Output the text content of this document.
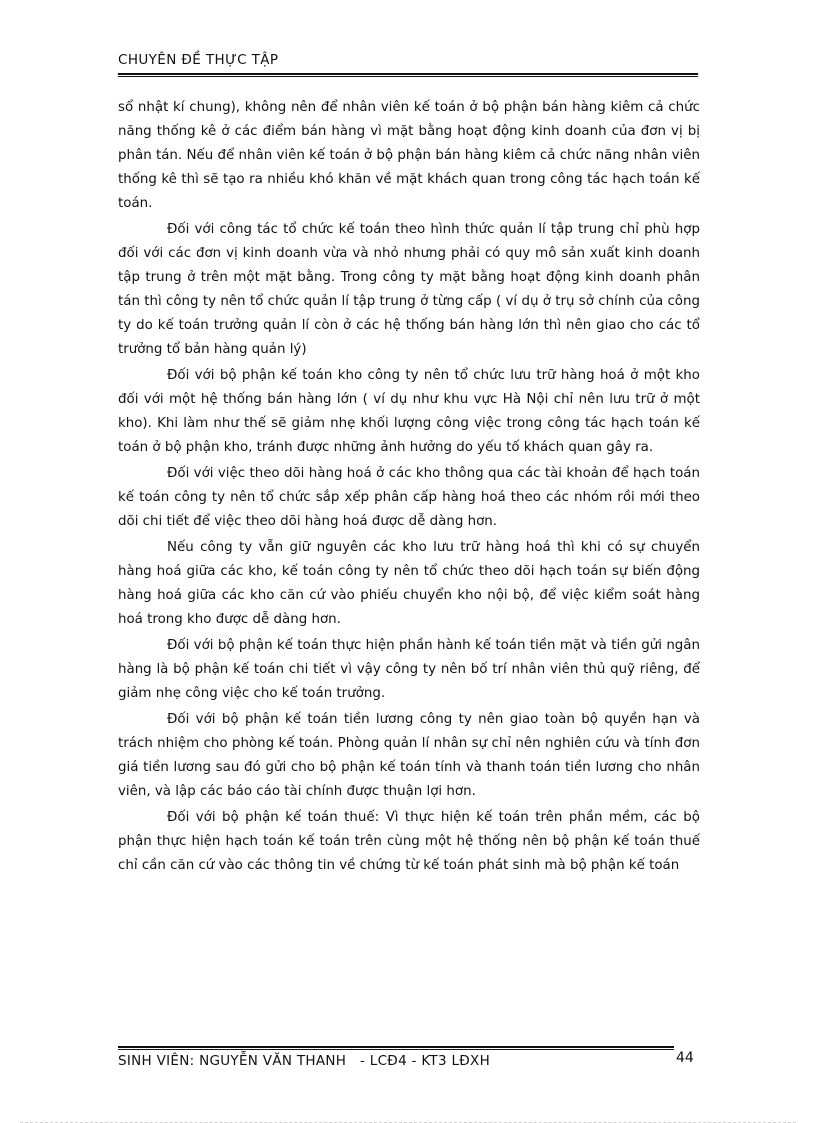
CHUYÊN ĐỀ THỰC TẬP

sổ nhật kí chung), không nên để nhân viên kế toán ở bộ phận bán hàng kiêm cả chức năng thống kê ở các điểm bán hàng vì mặt bằng hoạt động kinh doanh của đơn vị bị phân tán. Nếu để nhân viên kế toán ở bộ phận bán hàng kiêm cả chức năng nhân viên thống kê thì sẽ tạo ra nhiều khó khăn về mặt khách quan trong công tác hạch toán kế toán.

Đối với công tác tổ chức kế toán theo hình thức quản lí tập trung chỉ phù hợp đối với các đơn vị kinh doanh vừa và nhỏ nhưng phải có quy mô sản xuất kinh doanh tập trung ở trên một mặt bằng. Trong công ty mặt bằng hoạt động kinh doanh phân tán thì công ty nên tổ chức quản lí tập trung ở từng cấp ( ví dụ ở trụ sở chính của công ty do kế toán trưởng quản lí còn ở các hệ thống bán hàng lớn thì nên giao cho các tổ trưởng tổ bản hàng quản lý)

Đối với bộ phận kế toán kho công ty nên tổ chức lưu trữ hàng hoá ở một kho đối với một hệ thống bán hàng lớn ( ví dụ như khu vực Hà Nội chỉ nên lưu trữ ở một kho). Khi làm như thế sẽ giảm nhẹ khối lượng công việc trong công tác hạch toán kế toán ở bộ phận kho, tránh được những ảnh hưởng do yếu tố khách quan gây ra.

Đối với việc theo dõi hàng hoá ở các kho thông qua các tài khoản để hạch toán kế toán công ty nên tổ chức sắp xếp phân cấp hàng hoá theo các nhóm rồi mới theo dõi chi tiết để việc theo dõi hàng hoá được dễ dàng hơn.

Nếu công ty vẫn giữ nguyên các kho lưu trữ hàng hoá thì khi có sự chuyển hàng hoá giữa các kho, kế toán công ty nên tổ chức theo dõi hạch toán sự biến động hàng hoá giữa các kho căn cứ vào phiếu chuyển kho nội bộ, để việc kiểm soát hàng hoá trong kho được dễ dàng hơn.

Đối với bộ phận kế toán thực hiện phần hành kế toán tiền mặt và tiền gửi ngân hàng là bộ phận kế toán chi tiết vì vậy công ty nên bố trí nhân viên thủ quỹ riêng, để giảm nhẹ công việc cho kế toán trưởng.

Đối với bộ phận kế toán tiền lương công ty nên giao toàn bộ quyền hạn và trách nhiệm cho phòng kế toán. Phòng quản lí nhân sự chỉ nên nghiên cứu và tính đơn giá tiền lương sau đó gửi cho bộ phận kế toán tính và thanh toán tiền lương cho nhân viên, và lập các báo cáo tài chính được thuận lợi hơn.

Đối với bộ phận kế toán thuế: Vì thực hiện kế toán trên phần mềm, các bộ phận thực hiện hạch toán kế toán trên cùng một hệ thống nên bộ phận kế toán thuế chỉ cần căn cứ vào các thông tin về chứng từ kế toán phát sinh mà bộ phận kế toán

SINH VIÊN: NGUYỄN VĂN THANH   - LCĐ4 - KT3 LĐXH	44
